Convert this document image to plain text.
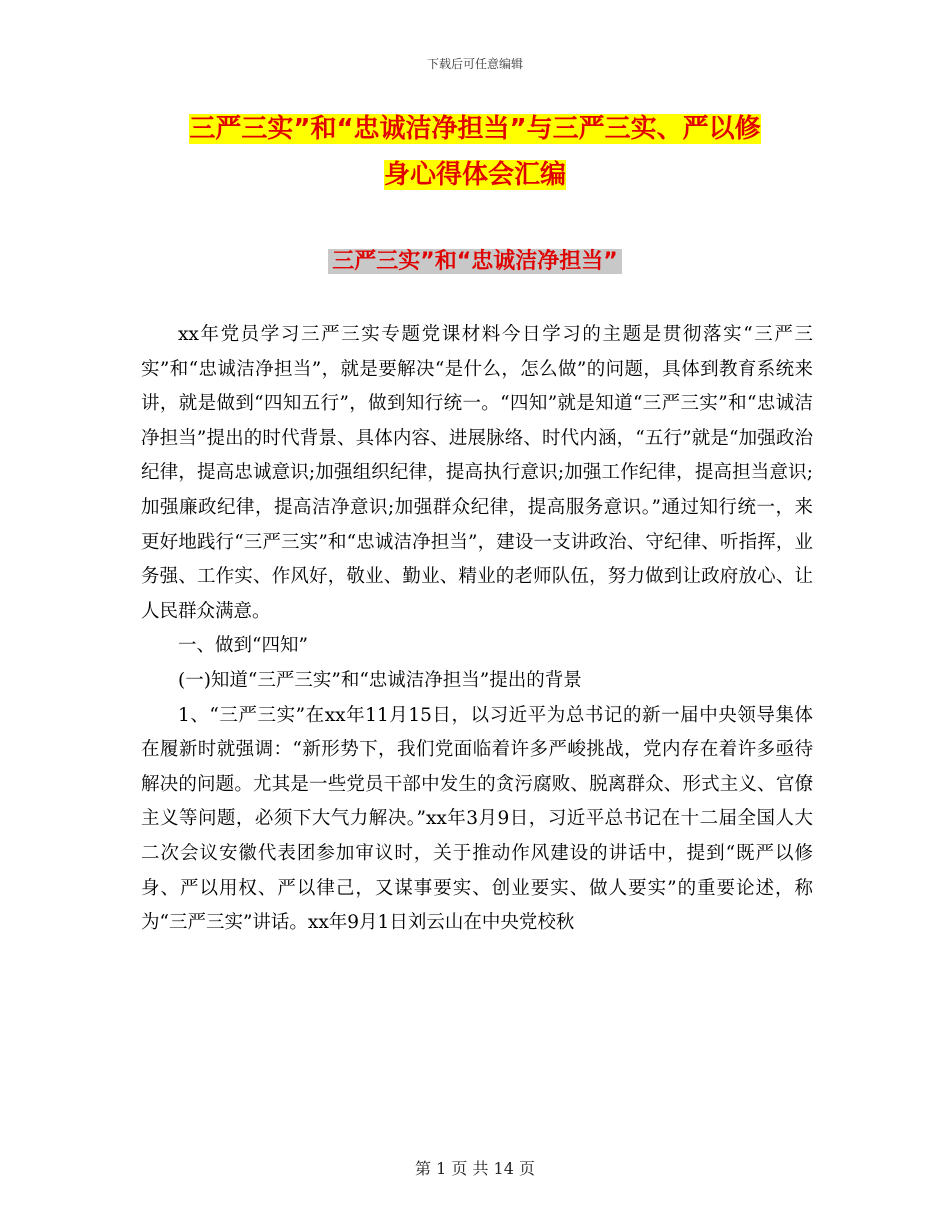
下载后可任意编辑
三严三实”和“忠诚洁净担当”与三严三实、严以修
身心得体会汇编
三严三实”和“忠诚洁净担当”

xx年党员学习三严三实专题党课材料今日学习的主题是贯彻落实“三严三实”和“忠诚洁净担当”，就是要解决“是什么，怎么做”的问题，具体到教育系统来讲，就是做到“四知五行”，做到知行统一。“四知”就是知道“三严三实”和“忠诚洁净担当”提出的时代背景、具体内容、进展脉络、时代内涵，“五行”就是“加强政治纪律，提高忠诚意识;加强组织纪律，提高执行意识;加强工作纪律，提高担当意识;加强廉政纪律，提高洁净意识;加强群众纪律，提高服务意识。”通过知行统一，来更好地践行“三严三实”和“忠诚洁净担当”，建设一支讲政治、守纪律、听指挥，业务强、工作实、作风好，敬业、勤业、精业的老师队伍，努力做到让政府放心、让人民群众满意。

一、做到“四知”

(一)知道“三严三实”和“忠诚洁净担当”提出的背景

1、“三严三实”在xx年11月15日，以习近平为总书记的新一届中央领导集体在履新时就强调：“新形势下，我们党面临着许多严峻挑战，党内存在着许多亟待解决的问题。尤其是一些党员干部中发生的贪污腐败、脱离群众、形式主义、官僚主义等问题，必须下大气力解决。”xx年3月9日，习近平总书记在十二届全国人大二次会议安徽代表团参加审议时，关于推动作风建设的讲话中，提到“既严以修身、严以用权、严以律己，又谋事要实、创业要实、做人要实”的重要论述，称为“三严三实”讲话。xx年9月1日刘云山在中央党校秋

第 1 页 共 14 页
